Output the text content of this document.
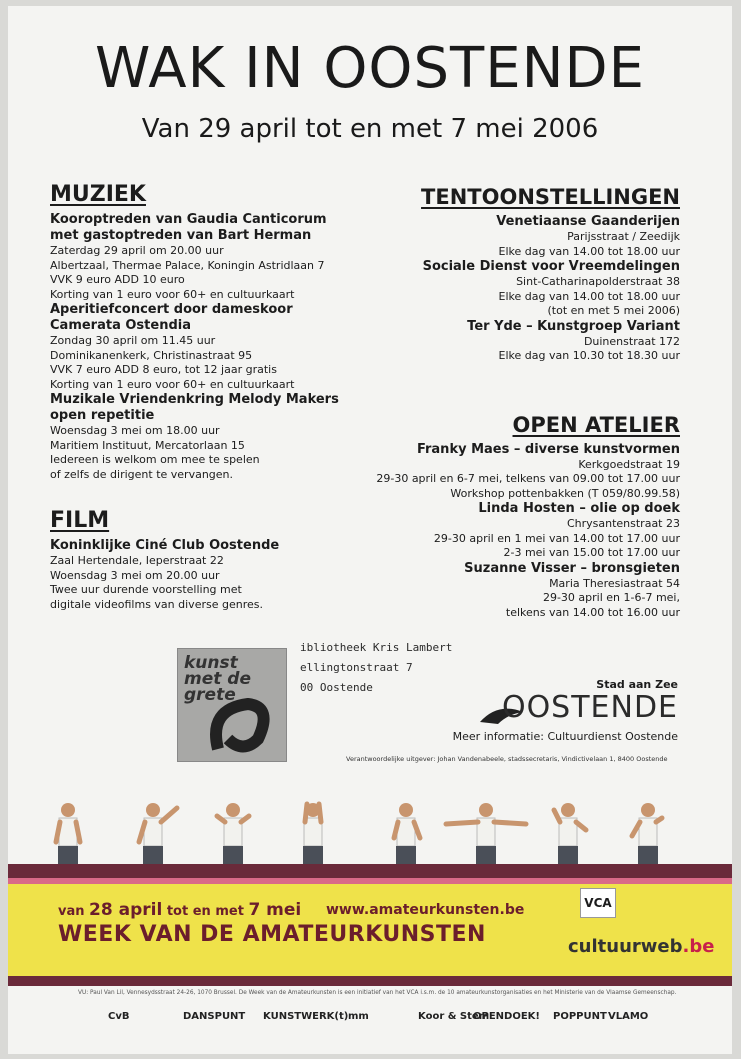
WAK IN OOSTENDE
Van 29 april tot en met 7 mei 2006
MUZIEK
Kooroptreden van Gaudia Canticorum
met gastoptreden van Bart Herman
Zaterdag 29 april om 20.00 uur
Albertzaal, Thermae Palace, Koningin Astridlaan 7
VVK 9 euro ADD 10 euro
Korting van 1 euro voor 60+ en cultuurkaart
Aperitiefconcert door dameskoor
Camerata Ostendia
Zondag 30 april om 11.45 uur
Dominikanenkerk, Christinastraat 95
VVK 7 euro ADD 8 euro, tot 12 jaar gratis
Korting van 1 euro voor 60+ en cultuurkaart
Muzikale Vriendenkring Melody Makers
open repetitie
Woensdag 3 mei om 18.00 uur
Maritiem Instituut, Mercatorlaan 15
Iedereen is welkom om mee te spelen
of zelfs de dirigent te vervangen.
FILM
Koninklijke Ciné Club Oostende
Zaal Hertendale, Ieperstraat 22
Woensdag 3 mei om 20.00 uur
Twee uur durende voorstelling met
digitale videofilms van diverse genres.
TENTOONSTELLINGEN
Venetiaanse Gaanderijen
Parijsstraat / Zeedijk
Elke dag van 14.00 tot 18.00 uur
Sociale Dienst voor Vreemdelingen
Sint-Catharinapolderstraat 38
Elke dag van 14.00 tot 18.00 uur
(tot en met 5 mei 2006)
Ter Yde – Kunstgroep Variant
Duinenstraat 172
Elke dag van 10.30 tot 18.30 uur
OPEN ATELIER
Franky Maes – diverse kunstvormen
Kerkgoedstraat 19
29-30 april en 6-7 mei, telkens van 09.00 tot 17.00 uur
Workshop pottenbakken (T 059/80.99.58)
Linda Hosten – olie op doek
Chrysantenstraat 23
29-30 april en 1 mei van 14.00 tot 17.00 uur
2-3 mei van 15.00 tot 17.00 uur
Suzanne Visser – bronsgieten
Maria Theresiastraat 54
29-30 april en 1-6-7 mei,
telkens van 14.00 tot 16.00 uur
kunst met de grete
ibliotheek Kris Lambert
ellingtonstraat 7
00 Oostende	Stad aan Zee
OOSTENDE
Meer informatie: Cultuurdienst Oostende
Verantwoordelijke uitgever: Johan Vandenabeele, stadssecretaris, Vindictivelaan 1, 8400 Oostende
van 28 april tot en met 7 mei www.amateurkunsten.be
WEEK VAN DE AMATEURKUNSTEN
VCA
cultuurweb.be
VU: Paul Van Lil, Vennesydsstraat 24-26, 1070 Brussel. De Week van de Amateurkunsten is een initiatief van het VCA i.s.m. de 10 amateurkunstorganisaties en het Ministerie van de Vlaamse Gemeenschap.
CvB	DANSPUNT KUNSTWERK(t) mm	Koor & Stem
OPENDOEK! POPPUNT VLAMO
